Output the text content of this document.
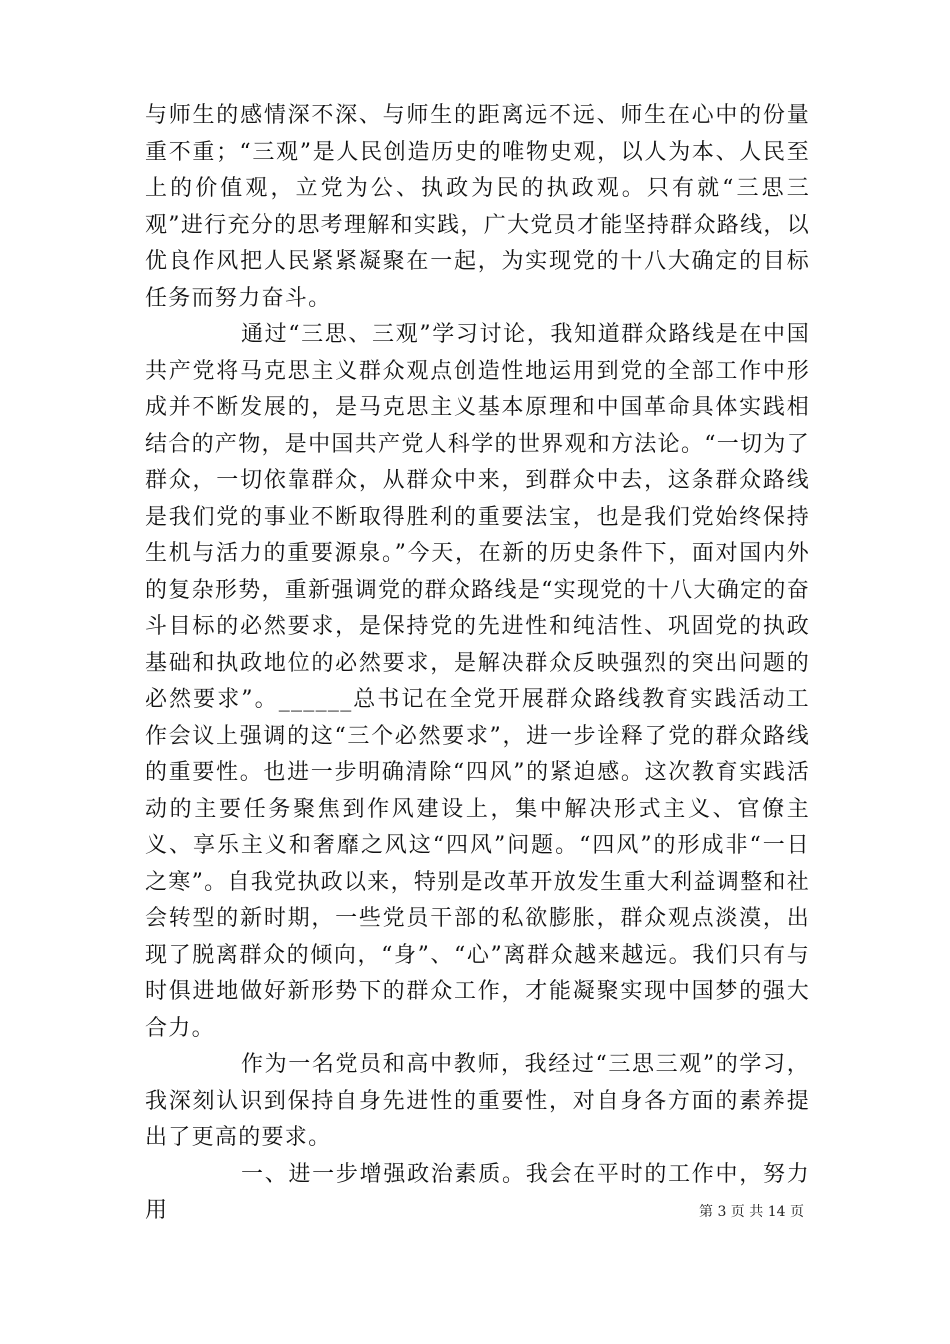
与师生的感情深不深、与师生的距离远不远、师生在心中的份量重不重；“三观”是人民创造历史的唯物史观，以人为本、人民至上的价值观，立党为公、执政为民的执政观。只有就“三思三观”进行充分的思考理解和实践，广大党员才能坚持群众路线，以优良作风把人民紧紧凝聚在一起，为实现党的十八大确定的目标任务而努力奋斗。

通过“三思、三观”学习讨论，我知道群众路线是在中国共产党将马克思主义群众观点创造性地运用到党的全部工作中形成并不断发展的，是马克思主义基本原理和中国革命具体实践相结合的产物，是中国共产党人科学的世界观和方法论。“一切为了群众，一切依靠群众，从群众中来，到群众中去，这条群众路线是我们党的事业不断取得胜利的重要法宝，也是我们党始终保持生机与活力的重要源泉。”今天，在新的历史条件下，面对国内外的复杂形势，重新强调党的群众路线是“实现党的十八大确定的奋斗目标的必然要求，是保持党的先进性和纯洁性、巩固党的执政基础和执政地位的必然要求，是解决群众反映强烈的突出问题的必然要求”。______总书记在全党开展群众路线教育实践活动工作会议上强调的这“三个必然要求”，进一步诠释了党的群众路线的重要性。也进一步明确清除“四风”的紧迫感。这次教育实践活动的主要任务聚焦到作风建设上，集中解决形式主义、官僚主义、享乐主义和奢靡之风这“四风”问题。“四风”的形成非“一日之寒”。自我党执政以来，特别是改革开放发生重大利益调整和社会转型的新时期，一些党员干部的私欲膨胀，群众观点淡漠，出现了脱离群众的倾向，“身”、“心”离群众越来越远。我们只有与时俱进地做好新形势下的群众工作，才能凝聚实现中国梦的强大合力。

作为一名党员和高中教师，我经过“三思三观”的学习，我深刻认识到保持自身先进性的重要性，对自身各方面的素养提出了更高的要求。

一、进一步增强政治素质。我会在平时的工作中，努力用	第 3 页 共 14 页
